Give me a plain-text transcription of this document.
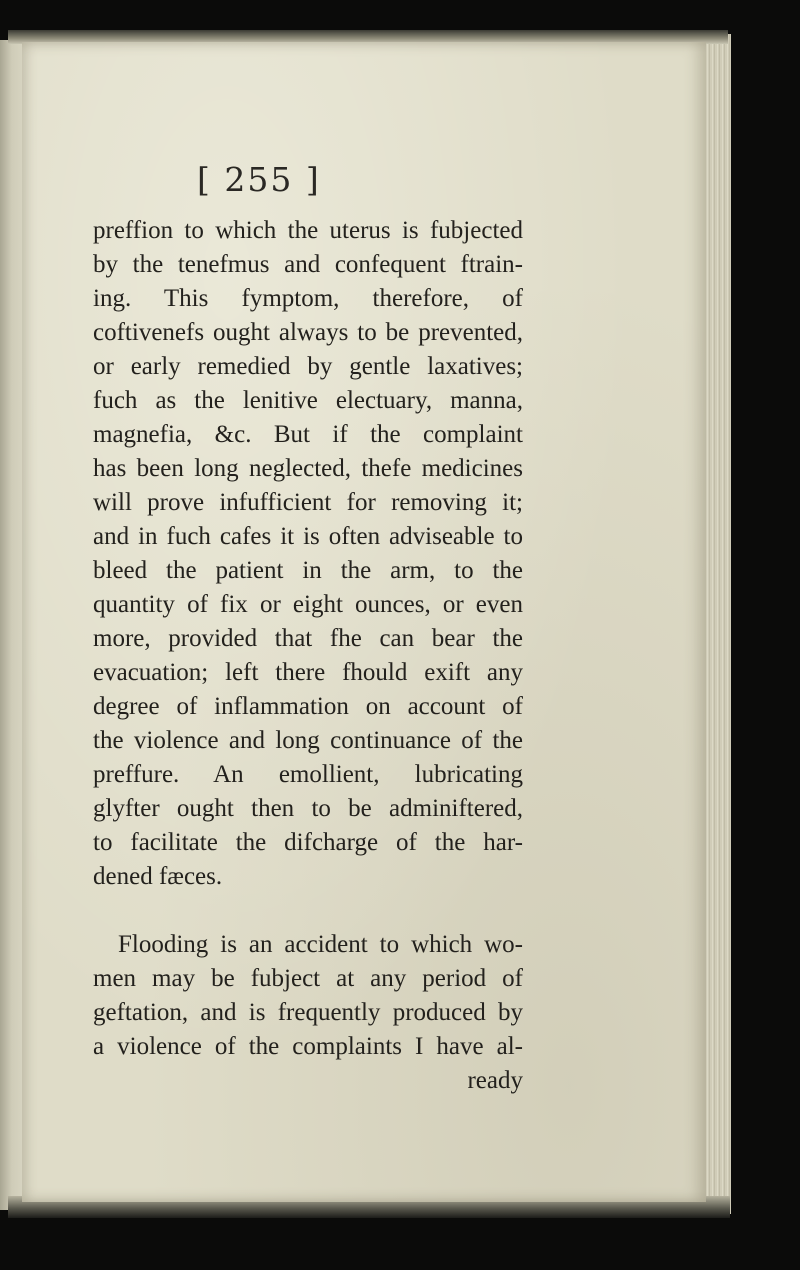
[ 255 ]
preffion to which the uterus is fubjected
by the tenefmus and confequent ftrain-
ing. This fymptom, therefore, of
coftivenefs ought always to be prevented,
or early remedied by gentle laxatives;
fuch as the lenitive electuary, manna,
magnefia, &c. But if the complaint
has been long neglected, thefe medicines
will prove infufficient for removing it;
and in fuch cafes it is often adviseable to
bleed the patient in the arm, to the
quantity of fix or eight ounces, or even
more, provided that fhe can bear the
evacuation; left there fhould exift any
degree of inflammation on account of
the violence and long continuance of the
preffure. An emollient, lubricating
glyfter ought then to be adminiftered,
to facilitate the difcharge of the har-
dened fæces.
Flooding is an accident to which wo-
men may be fubject at any period of
geftation, and is frequently produced by
a violence of the complaints I have al-
ready
